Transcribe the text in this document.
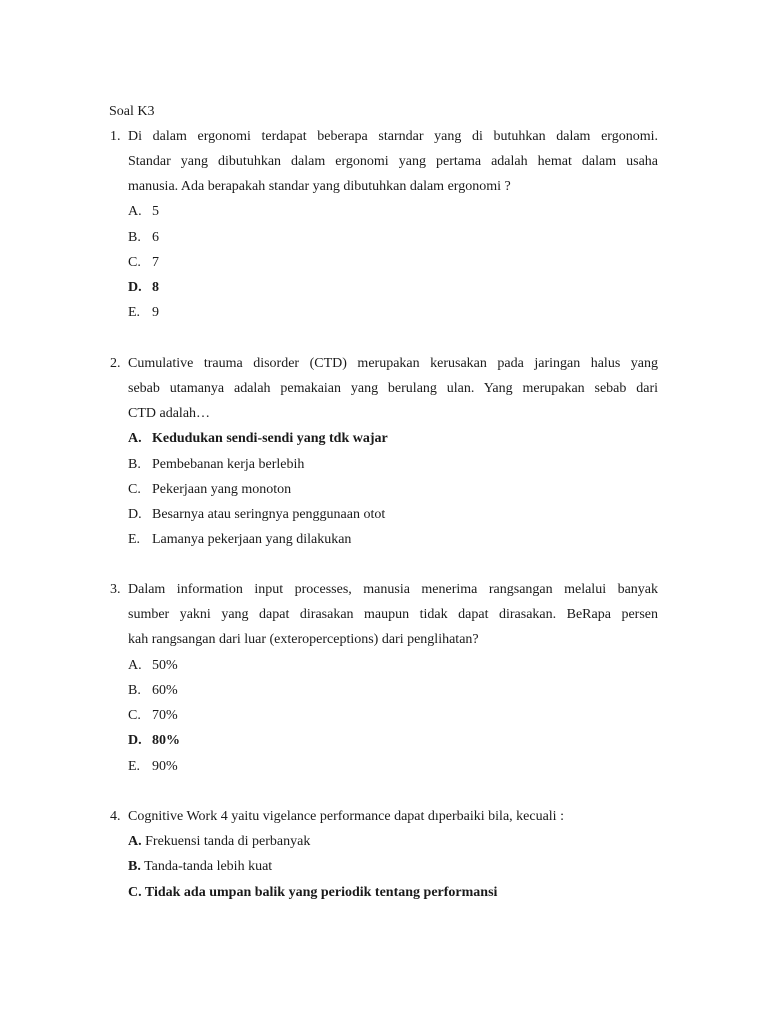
Soal K3
1. Di dalam ergonomi terdapat beberapa starndar yang di butuhkan dalam ergonomi.
Standar yang dibutuhkan dalam ergonomi yang pertama adalah hemat dalam usaha
manusia. Ada berapakah standar yang dibutuhkan dalam ergonomi ?
A. 5
B. 6
C. 7
D. 8
E. 9
2. Cumulative trauma disorder (CTD) merupakan kerusakan pada jaringan halus yang
sebab utamanya adalah pemakaian yang berulang ulan. Yang merupakan sebab dari
CTD adalah…
A. Kedudukan sendi-sendi yang tdk wajar
B. Pembebanan kerja berlebih
C. Pekerjaan yang monoton
D. Besarnya atau seringnya penggunaan otot
E. Lamanya pekerjaan yang dilakukan
3. Dalam information input processes, manusia menerima rangsangan melalui banyak
sumber yakni yang dapat dirasakan maupun tidak dapat dirasakan. BeRapa persen
kah rangsangan dari luar (exteroperceptions) dari penglihatan?
A. 50%
B. 60%
C. 70%
D. 80%
E. 90%
4. Cognitive Work 4 yaitu vigelance performance dapat dıperbaiki bila, kecuali :
A. Frekuensi tanda di perbanyak
B. Tanda-tanda lebih kuat
C. Tidak ada umpan balik yang periodik tentang performansi
